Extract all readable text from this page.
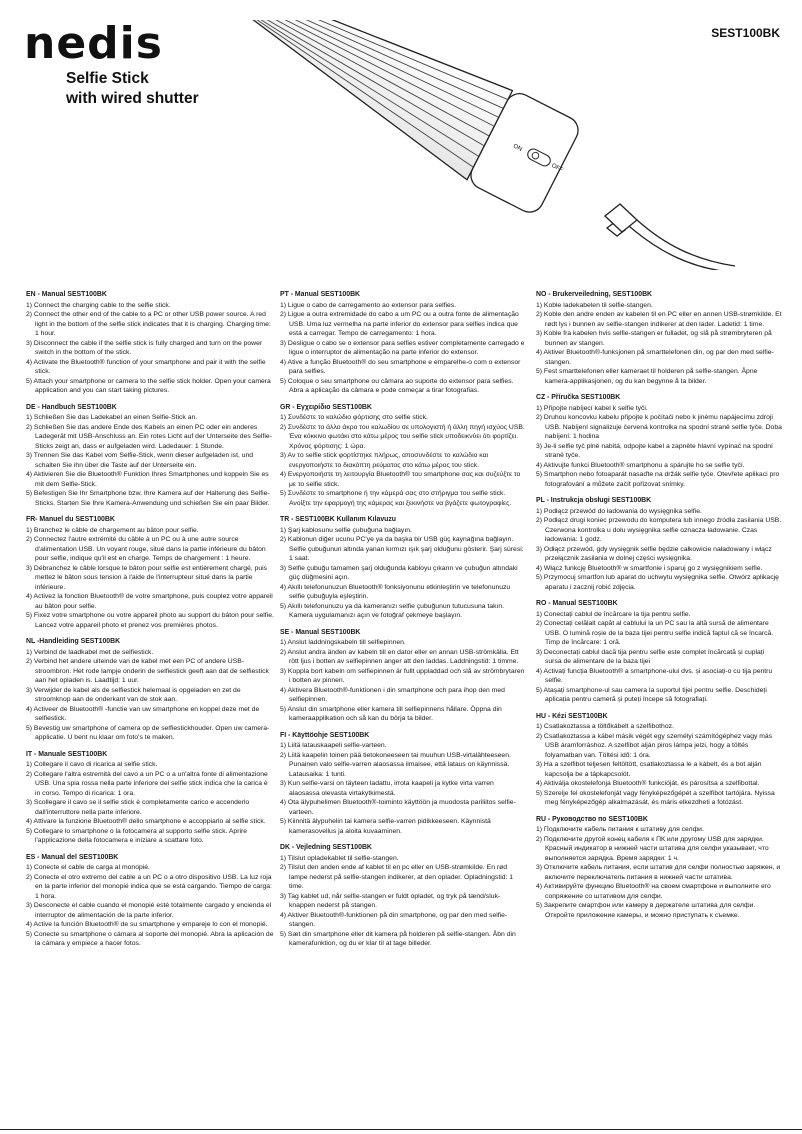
nedis
Selfie Stick
with wired shutter
SEST100BK
ON
OFF
EN - Manual SEST100BK
1) Connect the charging cable to the selfie stick.
2) Connect the other end of the cable to a PC or other USB power source. A red light in the bottom of the selfie stick indicates that it is charging. Charging time: 1 hour.
3) Disconnect the cable if the selfie stick is fully charged and turn on the power switch in the bottom of the stick.
4) Activate the Bluetooth® function of your smartphone and pair it with the selfie stick.
5) Attach your smartphone or camera to the selfie stick holder. Open your camera application and you can start taking pictures.
DE - Handbuch SEST100BK
1) Schließen Sie das Ladekabel an einen Selfie-Stick an.
2) Schließen Sie das andere Ende des Kabels an einen PC oder ein anderes Ladegerät mit USB-Anschluss an. Ein rotes Licht auf der Unterseite des Selfie-Sticks zeigt an, dass er aufgeladen wird. Ladedauer: 1 Stunde.
3) Trennen Sie das Kabel vom Selfie-Stick, wenn dieser aufgeladen ist, und schalten Sie ihn über die Taste auf der Unterseite ein.
4) Aktivieren Sie die Bluetooth® Funktion Ihres Smartphones und koppeln Sie es mit dem Selfie-Stick.
5) Befestigen Sie Ihr Smartphone bzw. Ihre Kamera auf der Halterung des Selfie-Sticks. Starten Sie Ihre Kamera-Anwendung und schießen Sie ein paar Bilder.
FR- Manuel du SEST100BK
1) Branchez le câble de chargement au bâton pour selfie.
2) Connectez l'autre extrémité du câble à un PC ou à une autre source d'alimentation USB. Un voyant rouge, situé dans la partie inférieure du bâton pour selfie, indique qu'il est en charge. Temps de chargement : 1 heure.
3) Débranchez le câble lorsque le bâton pour selfie est entièrement chargé, puis mettez le bâton sous tension à l'aide de l'interrupteur situé dans la partie inférieure.
4) Activez la fonction Bluetooth® de votre smartphone, puis couplez votre appareil au bâton pour selfie.
5) Fixez votre smartphone ou votre appareil photo au support du bâton pour selfie. Lancez votre appareil photo et prenez vos premières photos.
NL -Handleiding SEST100BK
1) Verbind de laadkabel met de selfiestick.
2) Verbind het andere uiteinde van de kabel met een PC of andere USB-stroombron. Het rode lampje onderin de selfiestick geeft aan dat de selfiestick aan het opladen is. Laadtijd: 1 uur.
3) Verwijder de kabel als de selfiestick helemaal is opgeladen en zet de stroomknop aan de onderkant van de stok aan.
4) Activeer de Bluetooth® -functie van uw smartphone en koppel deze met de selfiestick.
5) Bevestig uw smartphone of camera op de selfiestickhouder. Open uw camera-applicatie. U bent nu klaar om foto's te maken.
IT - Manuale SEST100BK
1) Collegare il cavo di ricarica al selfie stick.
2) Collegare l'altra estremità del cavo a un PC o a un'altra fonte di alimentazione USB. Una spia rossa nella parte inferiore del selfie stick indica che la carica è in corso. Tempo di ricarica: 1 ora.
3) Scollegare il cavo se il selfie stick è completamente carico e accenderlo dall'interruttore nella parte inferiore.
4) Attivare la funzione Bluetooth® dello smartphone e accoppiarlo al selfie stick.
5) Collegare lo smartphone o la fotocamera al supporto selfie stick. Aprire l'applicazione della fotocamera e iniziare a scattare foto.
ES - Manual del SEST100BK
1) Conecte el cable de carga al monopié.
2) Conecte el otro extremo del cable a un PC o a otro dispositivo USB. La luz roja en la parte inferior del monopié indica que se está cargando. Tiempo de carga: 1 hora.
3) Desconecte el cable cuando el monopié esté totalmente cargado y encienda el interruptor de alimentación de la parte inferior.
4) Active la función Bluetooth® de su smartphone y empareje lo con el monopié.
5) Conecte su smartphone o cámara al soporte del monopié. Abra la aplicación de la cámara y empiece a hacer fotos.
PT - Manual SEST100BK
1) Ligue o cabo de carregamento ao extensor para selfies.
2) Ligue a outra extremidade do cabo a um PC ou a outra fonte de alimentação USB. Uma luz vermelha na parte inferior do extensor para selfies indica que está a carregar. Tempo de carregamento: 1 hora.
3) Desligue o cabo se o extensor para selfies estiver completamente carregado e ligue o interruptor de alimentação na parte inferior do extensor.
4) Ative a função Bluetooth® do seu smartphone e emparelhe-o com o extensor para selfies.
5) Coloque o seu smartphone ou câmara ao suporte do extensor para selfies. Abra a aplicação da câmara e pode começar a tirar fotografias.
GR - Εγχειρίδιο SEST100BK
1) Συνδέστε το καλώδιο φόρτισης στο selfie stick.
2) Συνδέστε το άλλο άκρο του καλωδίου σε υπολογιστή ή άλλη πηγή ισχύος USB. Ένα κόκκινο φωτάκι στο κάτω μέρος του selfie stick υποδεικνύει ότι φορτίζει. Χρόνος φόρτισης: 1 ώρα.
3) Αν το selfie stick φορτίστηκε πλήρως, αποσυνδέστε το καλώδιο και ενεργοποιήστε το διακόπτη ρεύματος στο κάτω μέρος του stick.
4) Ενεργοποιήστε τη λειτουργία Bluetooth® του smartphone σας και συζεύξτε το με το selfie stick.
5) Συνδέστε το smartphone ή την κάμερά σας στο στήριγμα του selfie stick. Ανοίξτε την εφαρμογή της κάμερας και ξεκινήστε να βγάζετε φωτογραφίες.
TR - SEST100BK Kullanım Kılavuzu
1) Şarj kablosunu selfie çubuğuna bağlayın.
2) Kablonun diğer ucunu PC'ye ya da başka bir USB güç kaynağına bağlayın. Selfie çubuğunun altında yanan kırmızı ışık şarj olduğunu gösterir. Şarj süresi: 1 saat.
3) Selfie çubuğu tamamen şarj olduğunda kabloyu çıkarın ve çubuğun altındaki güç düğmesini açın.
4) Akıllı telefonunuzun Bluetooth® fonksiyonunu etkinleştirin ve telefonunuzu selfie çubuğuyla eşleştirin.
5) Akıllı telefonunuzu ya da kameranızı selfie çubuğunun tutucusuna takın. Kamera uygulamanızı açın ve fotoğraf çekmeye başlayın.
SE - Manual SEST100BK
1) Anslut laddningskabeln till selfiepinnen.
2) Anslut andra änden av kabeln till en dator eller en annan USB-strömkälla. Ett rött ljus i botten av selfiepinnen anger att den laddas. Laddningstid: 1 timme.
3) Koppla bort kabeln om selfiepinnen är fullt uppladdad och slå av strömbrytaren i botten av pinnen.
4) Aktivera Bluetooth®-funktionen i din smartphone och para ihop den med selfiepinnen.
5) Anslut din smartphone eller kamera till selfiepinnens hållare. Öppna din kameraapplikation och så kan du börja ta bilder.
FI - Käyttöohje SEST100BK
1) Liitä latauskaapeli selfie-varteen.
2) Liitä kaapelin toinen pää tietokoneeseen tai muuhun USB-virtalähteeseen. Punainen valo selfie-varren alaosassa ilmaisee, että lataus on käynnissä. Latausaika: 1 tunti.
3) Kun selfie-varsi on täyteen ladattu, irrota kaapeli ja kytke virta varren alaosassa olevasta virtakytkimestä.
4) Ota älypuhelimen Bluetooth®-toiminto käyttöön ja muodosta pariliitos selfie-varteen.
5) Kiinnitä älypuhelin tai kamera selfie-varren pidikkeeseen. Käynnistä kamerasovellus ja aloita kuvaaminen.
DK - Vejledning SEST100BK
1) Tilslut opladekablet til selfie-stangen.
2) Tilslut den anden ende af kablet til en pc eller en USB-strømkilde. En rød lampe nederst på selfie-stangen indikerer, at den oplader. Opladningstid: 1 time.
3) Tag kablet ud, når selfie-stangen er fuldt opladet, og tryk på tænd/sluk-knappen nederst på stangen.
4) Aktiver Bluetooth®-funktionen på din smartphone, og par den med selfie-stangen.
5) Sæt din smartphone eller dit kamera på holderen på selfie-stangen. Åbn din kamerafunktion, og du er klar til at tage billeder.
NO - Brukerveiledning, SEST100BK
1) Koble ladekabelen til selfie-stangen.
2) Koble den andre enden av kabelen til en PC eller en annen USB-strømkilde. Et rødt lys i bunnen av selfie-stangen indikerer at den lader. Ladetid: 1 time.
3) Koble fra kabelen hvis selfie-stangen er fulladet, og slå på strømbryteren på bunnen av stangen.
4) Aktiver Bluetooth®-funksjonen på smarttelefonen din, og par den med selfie-stangen.
5) Fest smarttelefonen eller kameraet til holderen på selfie-stangen. Åpne kamera-applikasjonen, og du kan begynne å ta bilder.
CZ - Příručka SEST100BK
1) Připojte nabíjecí kabel k selfie tyči.
2) Druhou koncovku kabelu připojte k počítači nebo k jinému napájecímu zdroji USB. Nabíjení signalizuje červená kontrolka na spodní straně selfie tyče. Doba nabíjení: 1 hodina
3) Je-li selfie tyč plně nabitá, odpojte kabel a zapněte hlavní vypínač na spodní straně tyče.
4) Aktivujte funkci Bluetooth® smartphonu a spárujte ho se selfie tyčí.
5) Smartphon nebo fotoaparát nasaďte na držák selfie tyče. Otevřete aplikaci pro fotografování a můžete začít pořizovat snímky.
PL - Instrukcja obsługi SEST100BK
1) Podłącz przewód do ładowania do wysięgnika selfie.
2) Podłącz drugi koniec przewodu do komputera lub innego źródła zasilania USB. Czerwona kontrolka u dołu wysięgnika selfie oznacza ładowanie. Czas ładowania: 1 godz.
3) Odłącz przewód, gdy wysięgnik selfie będzie całkowicie naładowany i włącz przełącznik zasilania w dolnej części wysięgnika.
4) Włącz funkcję Bluetooth® w smartfonie i sparuj go z wysięgnikiem selfie.
5) Przymocuj smartfon lub aparat do uchwytu wysięgnika selfie. Otwórz aplikację aparatu i zacznij robić zdjęcia.
RO - Manual SEST100BK
1) Conectați cablul de încărcare la tija pentru selfie.
2) Conectați celălalt capăt al cablului la un PC sau la altă sursă de alimentare USB. O lumină roșie de la baza tijei pentru selfie indică faptul că se încarcă. Timp de încărcare: 1 oră.
3) Deconectați cablul dacă tija pentru selfie este complet încărcată și cuplați sursa de alimentare de la baza tijei
4) Activați funcția Bluetooth® a smartphone-ului dvs. și asociați-o cu tija pentru selfie.
5) Atașați smartphone-ul sau camera la suportul tijei pentru selfie. Deschideți aplicația pentru cameră și puteți începe să fotografiați.
HU - Kézi SEST100BK
1) Csatlakoztassa a töltőkábelt a szelfibothoz.
2) Csatlakoztassa a kábel másik végét egy személyi számítógéphez vagy más USB áramforráshoz. A szelfibot alján piros lámpa jelzi, hogy a töltés folyamatban van. Töltési idő: 1 óra.
3) Ha a szelfibot teljesen feltöltött, csatlakoztassa le a kábelt, és a bot alján kapcsolja be a tápkapcsolót.
4) Aktiválja okostelefonja Bluetooth® funkcióját, és párosítsa a szelfibottal.
5) Szerelje fel okostelefonját vagy fényképezőgépét a szelfibot tartójára. Nyissa meg fényképezőgép alkalmazását, és máris elkezdheti a fotózást.
RU - Руководство по SEST100BK
1) Подключите кабель питания к штативу для селфи.
2) Подключите другой конец кабеля к ПК или другому USB для зарядки. Красный индикатор в нижней части штатива для селфи указывает, что выполняется зарядка. Время зарядки: 1 ч.
3) Отключите кабель питания, если штатив для селфи полностью заряжен, и включите переключатель питания в нижней части штатива.
4) Активируйте функцию Bluetooth® на своем смартфоне и выполните его сопряжение со штативом для селфи.
5) Закрепите смартфон или камеру в держателе штатива для селфи. Откройте приложение камеры, и можно приступать к съемке.
